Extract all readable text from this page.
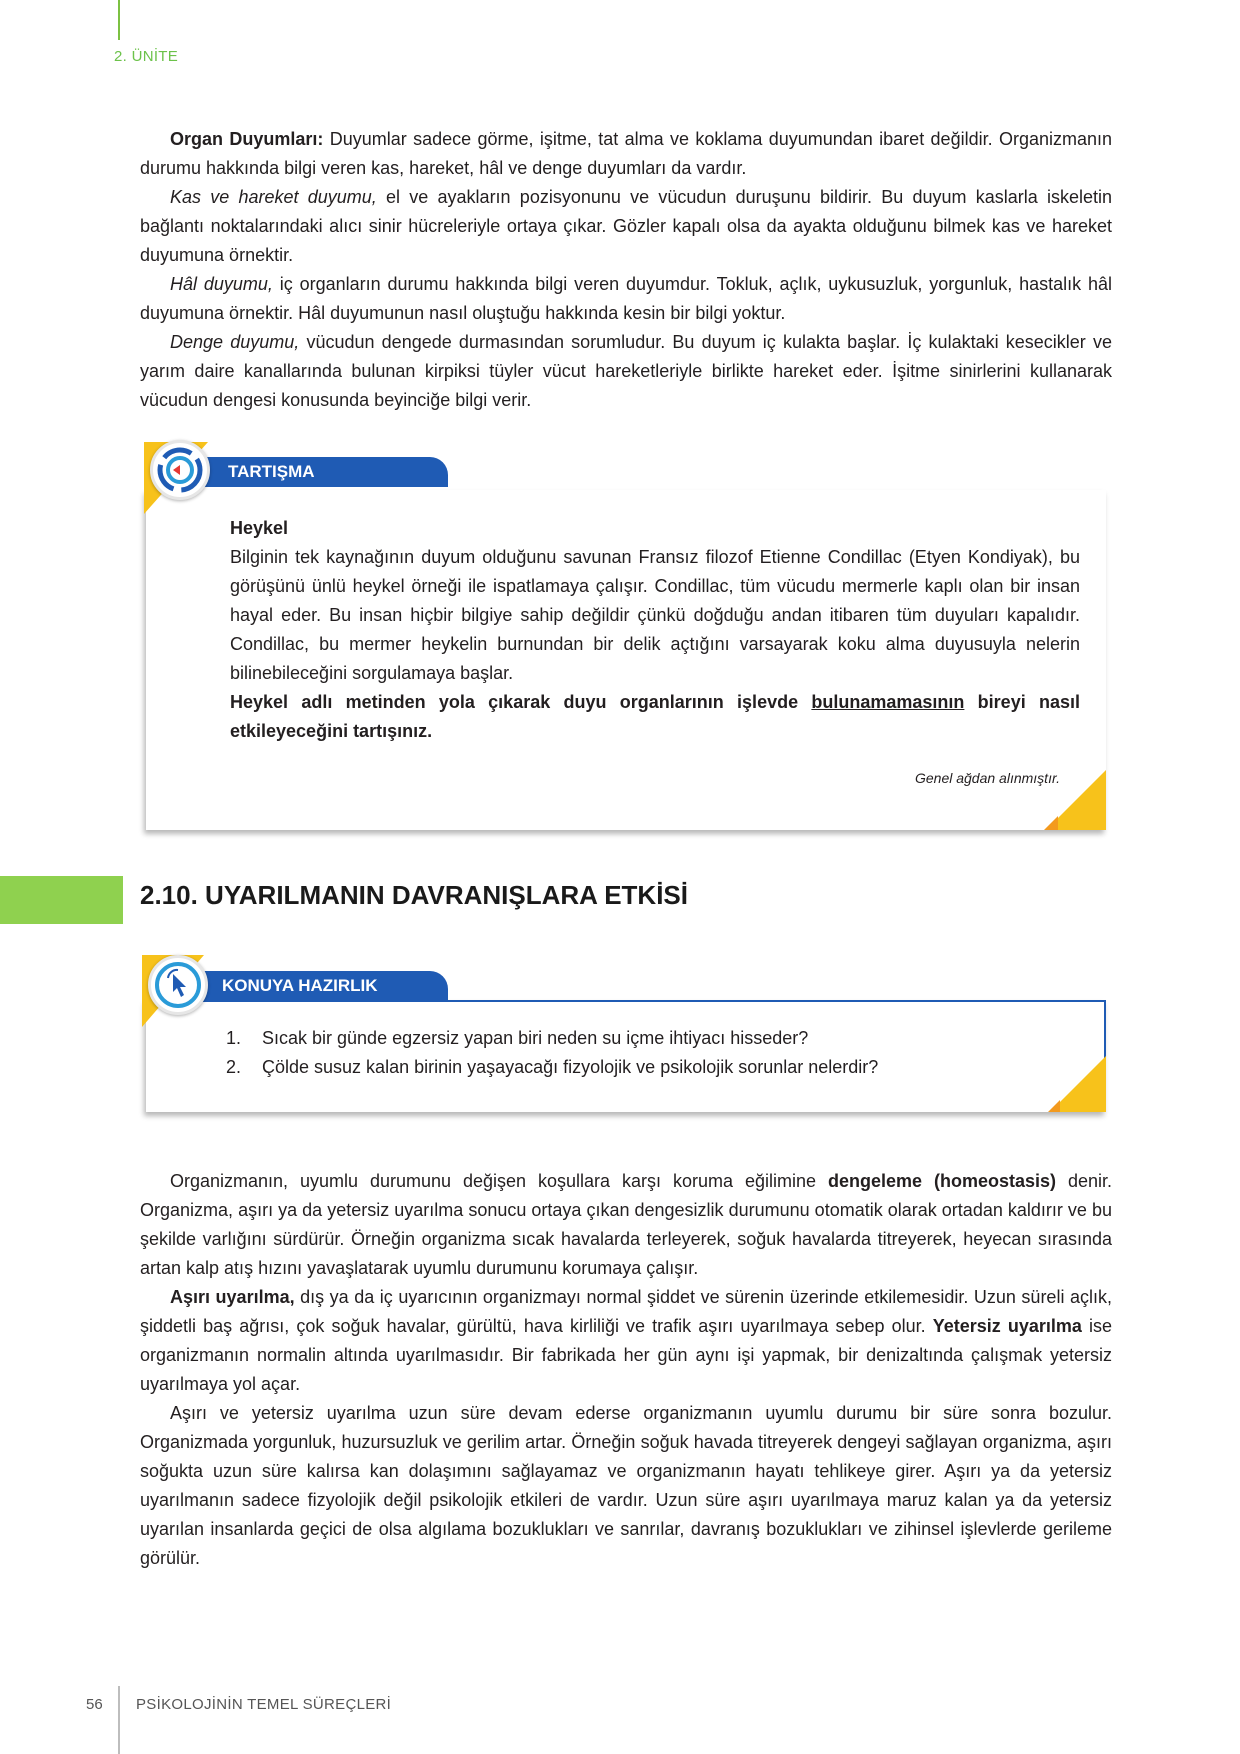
2. ÜNİTE

Organ Duyumları: Duyumlar sadece görme, işitme, tat alma ve koklama duyumundan ibaret değildir. Organizmanın durumu hakkında bilgi veren kas, hareket, hâl ve denge duyumları da vardır.

Kas ve hareket duyumu, el ve ayakların pozisyonunu ve vücudun duruşunu bildirir. Bu duyum kaslarla iskeletin bağlantı noktalarındaki alıcı sinir hücreleriyle ortaya çıkar. Gözler kapalı olsa da ayakta olduğunu bilmek kas ve hareket duyumuna örnektir.

Hâl duyumu, iç organların durumu hakkında bilgi veren duyumdur. Tokluk, açlık, uykusuzluk, yorgunluk, hastalık hâl duyumuna örnektir. Hâl duyumunun nasıl oluştuğu hakkında kesin bir bilgi yoktur.

Denge duyumu, vücudun dengede durmasından sorumludur. Bu duyum iç kulakta başlar. İç kulaktaki kesecikler ve yarım daire kanallarında bulunan kirpiksi tüyler vücut hareketleriyle birlikte hareket eder. İşitme sinirlerini kullanarak vücudun dengesi konusunda beyinciğe bilgi verir.

Heykel

Bilginin tek kaynağının duyum olduğunu savunan Fransız filozof Etienne Condillac (Etyen Kondiyak), bu görüşünü ünlü heykel örneği ile ispatlamaya çalışır. Condillac, tüm vücudu mermerle kaplı olan bir insan hayal eder. Bu insan hiçbir bilgiye sahip değildir çünkü doğduğu andan itibaren tüm duyuları kapalıdır. Condillac, bu mermer heykelin burnundan bir delik açtığını varsayarak koku alma duyusuyla nelerin bilinebileceğini sorgulamaya başlar.

Heykel adlı metinden yola çıkarak duyu organlarının işlevde bulunamamasının bireyi nasıl etkileyeceğini tartışınız.

Genel ağdan alınmıştır.
TARTIŞMA
2.10. UYARILMANIN DAVRANIŞLARA ETKİSİ
1.	Sıcak bir günde egzersiz yapan biri neden su içme ihtiyacı hisseder?
2.	Çölde susuz kalan birinin yaşayacağı fizyolojik ve psikolojik sorunlar nelerdir?
KONUYA HAZIRLIK

Organizmanın, uyumlu durumunu değişen koşullara karşı koruma eğilimine dengeleme (homeostasis) denir. Organizma, aşırı ya da yetersiz uyarılma sonucu ortaya çıkan dengesizlik durumunu otomatik olarak ortadan kaldırır ve bu şekilde varlığını sürdürür. Örneğin organizma sıcak havalarda terleyerek, soğuk havalarda titreyerek, heyecan sırasında artan kalp atış hızını yavaşlatarak uyumlu durumunu korumaya çalışır.

Aşırı uyarılma, dış ya da iç uyarıcının organizmayı normal şiddet ve sürenin üzerinde etkilemesidir. Uzun süreli açlık, şiddetli baş ağrısı, çok soğuk havalar, gürültü, hava kirliliği ve trafik aşırı uyarılmaya sebep olur. Yetersiz uyarılma ise organizmanın normalin altında uyarılmasıdır. Bir fabrikada her gün aynı işi yapmak, bir denizaltında çalışmak yetersiz uyarılmaya yol açar.

Aşırı ve yetersiz uyarılma uzun süre devam ederse organizmanın uyumlu durumu bir süre sonra bozulur. Organizmada yorgunluk, huzursuzluk ve gerilim artar. Örneğin soğuk havada titreyerek dengeyi sağlayan organizma, aşırı soğukta uzun süre kalırsa kan dolaşımını sağlayamaz ve organizmanın hayatı tehlikeye girer. Aşırı ya da yetersiz uyarılmanın sadece fizyolojik değil psikolojik etkileri de vardır. Uzun süre aşırı uyarılmaya maruz kalan ya da yetersiz uyarılan insanlarda geçici de olsa algılama bozuklukları ve sanrılar, davranış bozuklukları ve zihinsel işlevlerde gerileme görülür.

56 PSİKOLOJİNİN TEMEL SÜREÇLERİ
